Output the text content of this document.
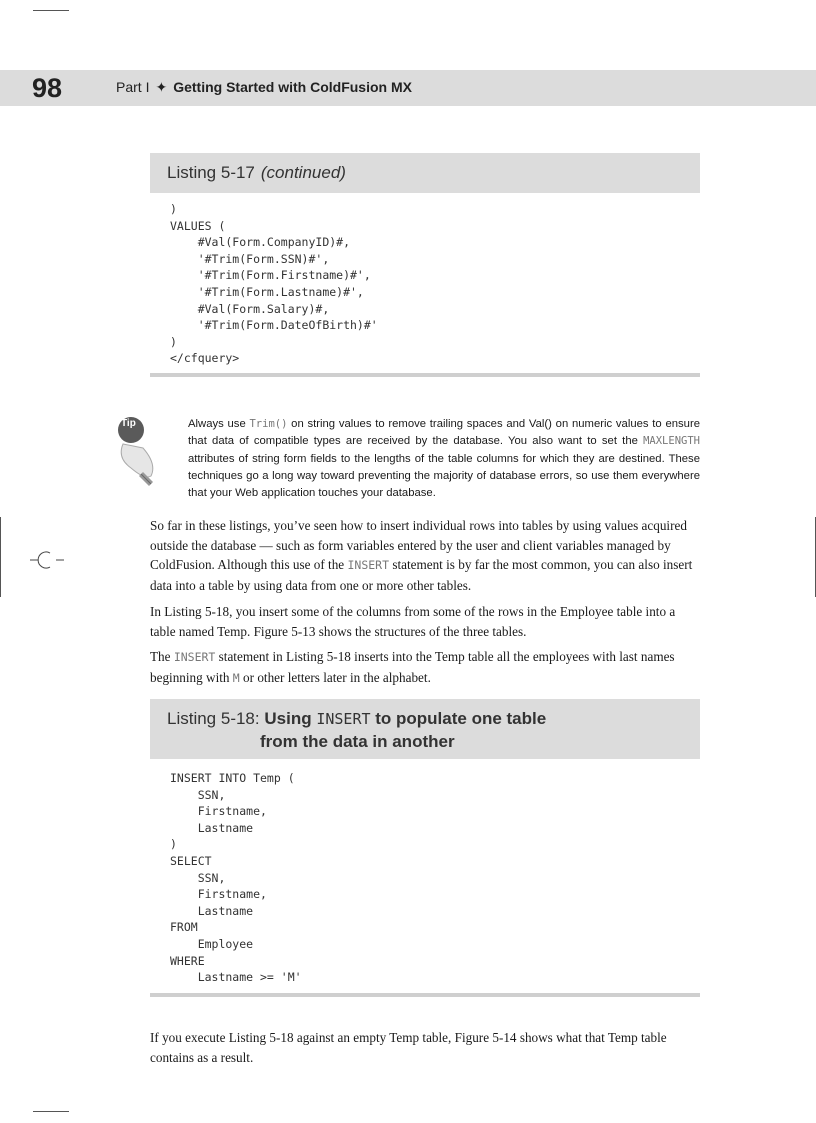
98	Part I ✦ Getting Started with ColdFusion MX
Listing 5-17 (continued)
)
VALUES (
#Val(Form.CompanyID)#,
'#Trim(Form.SSN)#',
'#Trim(Form.Firstname)#',
'#Trim(Form.Lastname)#',
#Val(Form.Salary)#,
'#Trim(Form.DateOfBirth)#'
)
</cfquery>
Tip	Always use Trim() on string values to remove trailing spaces and Val() on numeric values to ensure that data of compatible types are received by the database. You also want to set the MAXLENGTH attributes of string form fields to the lengths of the table columns for which they are destined. These techniques go a long way toward preventing the majority of database errors, so use them everywhere that your Web application touches your database.

So far in these listings, you’ve seen how to insert individual rows into tables by using values acquired outside the database — such as form variables entered by the user and client variables managed by ColdFusion. Although this use of the INSERT statement is by far the most common, you can also insert data into a table by using data from one or more other tables.

In Listing 5-18, you insert some of the columns from some of the rows in the Employee table into a table named Temp. Figure 5-13 shows the structures of the three tables.

The INSERT statement in Listing 5-18 inserts into the Temp table all the employees with last names beginning with M or other letters later in the alphabet.

Listing 5-18: Using INSERT to populate one table
from the data in another
INSERT INTO Temp (
SSN,
Firstname,
Lastname
)
SELECT
SSN,
Firstname,
Lastname
FROM
Employee
WHERE
Lastname >= 'M'

If you execute Listing 5-18 against an empty Temp table, Figure 5-14 shows what that Temp table contains as a result.
